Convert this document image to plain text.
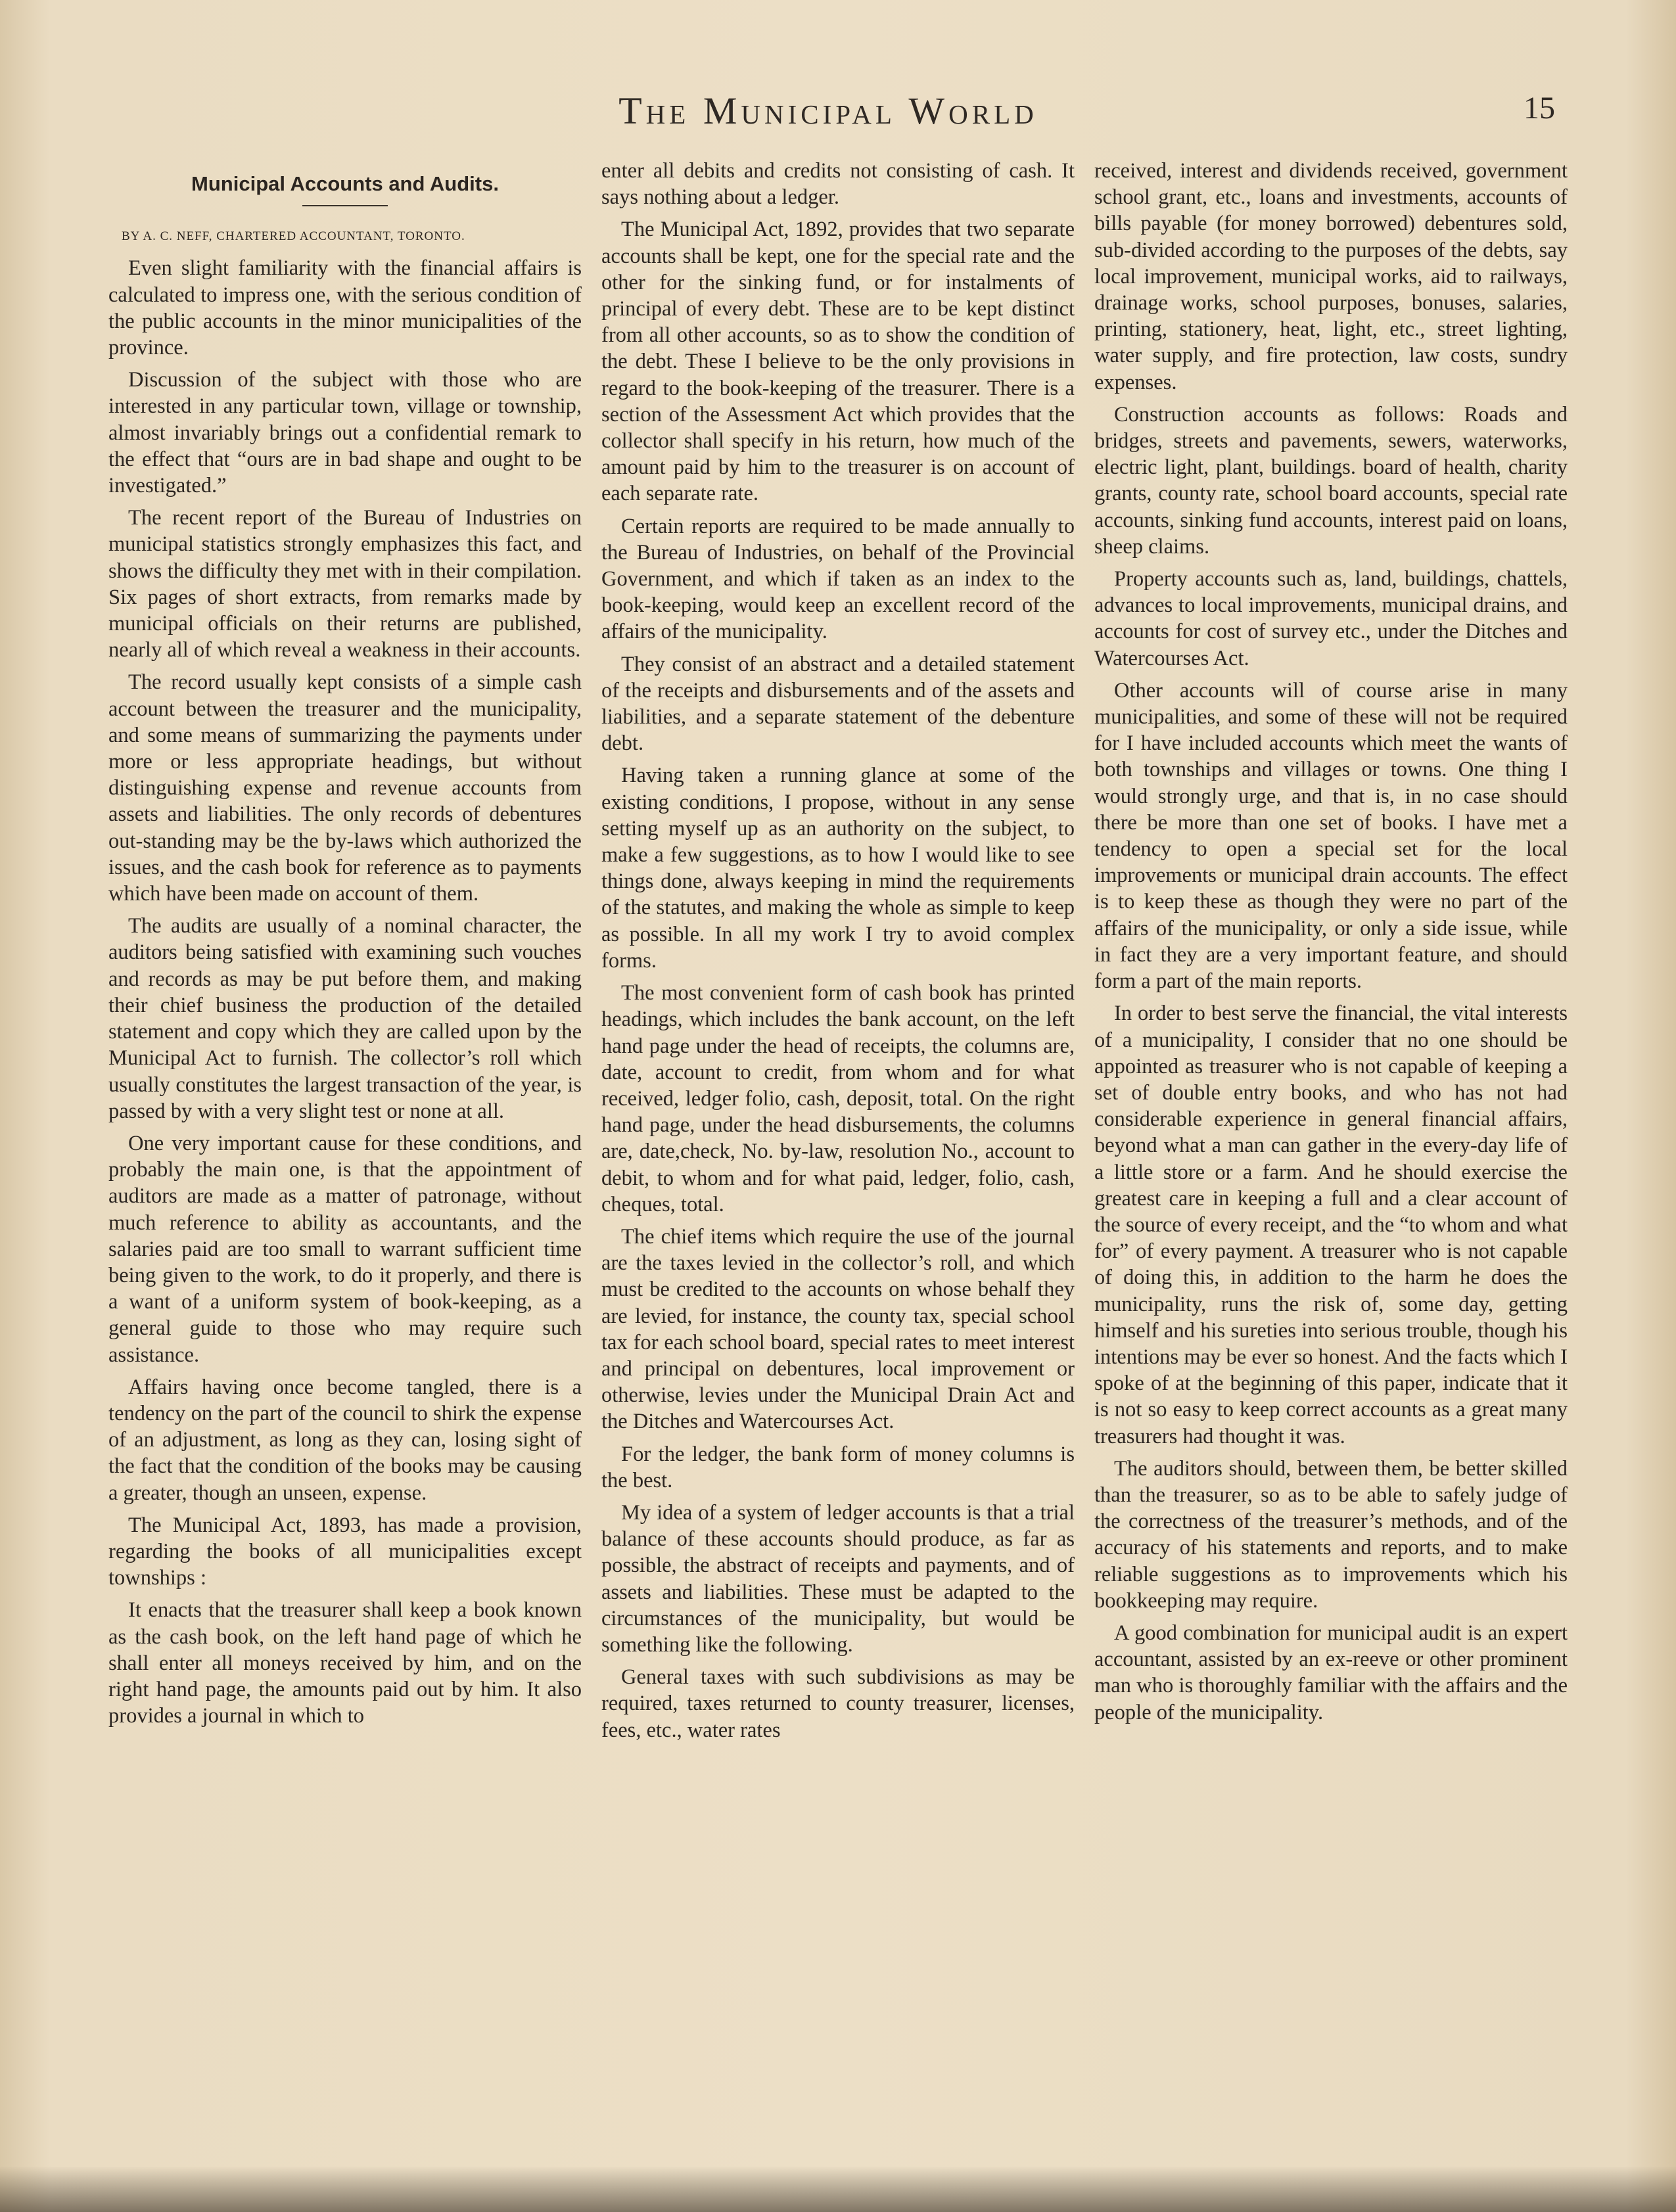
The Municipal World	15
Municipal Accounts and Audits.
BY A. C. NEFF, CHARTERED ACCOUNTANT, TORONTO.

Even slight familiarity with the financial affairs is calculated to impress one, with the serious condition of the public accounts in the minor municipalities of the province.

Discussion of the subject with those who are interested in any particular town, village or township, almost invariably brings out a confidential remark to the effect that “ours are in bad shape and ought to be investigated.”

The recent report of the Bureau of Industries on municipal statistics strongly emphasizes this fact, and shows the difficulty they met with in their compilation. Six pages of short extracts, from remarks made by municipal officials on their returns are published, nearly all of which reveal a weakness in their accounts.

The record usually kept consists of a simple cash account between the treasurer and the municipality, and some means of summarizing the payments under more or less appropriate headings, but without distinguishing expense and revenue accounts from assets and liabilities. The only records of debentures out-standing may be the by-laws which authorized the issues, and the cash book for reference as to payments which have been made on account of them.

The audits are usually of a nominal character, the auditors being satisfied with examining such vouches and records as may be put before them, and making their chief business the production of the detailed statement and copy which they are called upon by the Municipal Act to furnish. The collector’s roll which usually constitutes the largest transaction of the year, is passed by with a very slight test or none at all.

One very important cause for these conditions, and probably the main one, is that the appointment of auditors are made as a matter of patronage, without much reference to ability as accountants, and the salaries paid are too small to warrant sufficient time being given to the work, to do it properly, and there is a want of a uniform system of book-keeping, as a general guide to those who may require such assistance.

Affairs having once become tangled, there is a tendency on the part of the council to shirk the expense of an adjustment, as long as they can, losing sight of the fact that the condition of the books may be causing a greater, though an unseen, expense.

The Municipal Act, 1893, has made a provision, regarding the books of all municipalities except townships :

It enacts that the treasurer shall keep a book known as the cash book, on the left hand page of which he shall enter all moneys received by him, and on the right hand page, the amounts paid out by him. It also provides a journal in which to

enter all debits and credits not consisting of cash. It says nothing about a ledger.

The Municipal Act, 1892, provides that two separate accounts shall be kept, one for the special rate and the other for the sinking fund, or for instalments of principal of every debt. These are to be kept distinct from all other accounts, so as to show the condition of the debt. These I believe to be the only provisions in regard to the book-keeping of the treasurer. There is a section of the Assessment Act which provides that the collector shall specify in his return, how much of the amount paid by him to the treasurer is on account of each separate rate.

Certain reports are required to be made annually to the Bureau of Industries, on behalf of the Provincial Government, and which if taken as an index to the book-keeping, would keep an excellent record of the affairs of the municipality.

They consist of an abstract and a detailed statement of the receipts and disbursements and of the assets and liabilities, and a separate statement of the debenture debt.

Having taken a running glance at some of the existing conditions, I propose, without in any sense setting myself up as an authority on the subject, to make a few suggestions, as to how I would like to see things done, always keeping in mind the requirements of the statutes, and making the whole as simple to keep as possible. In all my work I try to avoid complex forms.

The most convenient form of cash book has printed headings, which includes the bank account, on the left hand page under the head of receipts, the columns are, date, account to credit, from whom and for what received, ledger folio, cash, deposit, total. On the right hand page, under the head disbursements, the columns are, date,check, No. by-law, resolution No., account to debit, to whom and for what paid, ledger, folio, cash, cheques, total.

The chief items which require the use of the journal are the taxes levied in the collector’s roll, and which must be credited to the accounts on whose behalf they are levied, for instance, the county tax, special school tax for each school board, special rates to meet interest and principal on debentures, local improvement or otherwise, levies under the Municipal Drain Act and the Ditches and Watercourses Act.

For the ledger, the bank form of money columns is the best.

My idea of a system of ledger accounts is that a trial balance of these accounts should produce, as far as possible, the abstract of receipts and payments, and of assets and liabilities. These must be adapted to the circumstances of the municipality, but would be something like the following.

General taxes with such subdivisions as may be required, taxes returned to county treasurer, licenses, fees, etc., water rates

received, interest and dividends received, government school grant, etc., loans and investments, accounts of bills payable (for money borrowed) debentures sold, sub-divided according to the purposes of the debts, say local improvement, municipal works, aid to railways, drainage works, school purposes, bonuses, salaries, printing, stationery, heat, light, etc., street lighting, water supply, and fire protection, law costs, sundry expenses.

Construction accounts as follows: Roads and bridges, streets and pavements, sewers, waterworks, electric light, plant, buildings. board of health, charity grants, county rate, school board accounts, special rate accounts, sinking fund accounts, interest paid on loans, sheep claims.

Property accounts such as, land, buildings, chattels, advances to local improvements, municipal drains, and accounts for cost of survey etc., under the Ditches and Watercourses Act.

Other accounts will of course arise in many municipalities, and some of these will not be required for I have included accounts which meet the wants of both townships and villages or towns. One thing I would strongly urge, and that is, in no case should there be more than one set of books. I have met a tendency to open a special set for the local improvements or municipal drain accounts. The effect is to keep these as though they were no part of the affairs of the municipality, or only a side issue, while in fact they are a very important feature, and should form a part of the main reports.

In order to best serve the financial, the vital interests of a municipality, I consider that no one should be appointed as treasurer who is not capable of keeping a set of double entry books, and who has not had considerable experience in general financial affairs, beyond what a man can gather in the every-day life of a little store or a farm. And he should exercise the greatest care in keeping a full and a clear account of the source of every receipt, and the “to whom and what for” of every payment. A treasurer who is not capable of doing this, in addition to the harm he does the municipality, runs the risk of, some day, getting himself and his sureties into serious trouble, though his intentions may be ever so honest. And the facts which I spoke of at the beginning of this paper, indicate that it is not so easy to keep correct accounts as a great many treasurers had thought it was.

The auditors should, between them, be better skilled than the treasurer, so as to be able to safely judge of the correctness of the treasurer’s methods, and of the accuracy of his statements and reports, and to make reliable suggestions as to improvements which his bookkeeping may require.

A good combination for municipal audit is an expert accountant, assisted by an ex-reeve or other prominent man who is thoroughly familiar with the affairs and the people of the municipality.
